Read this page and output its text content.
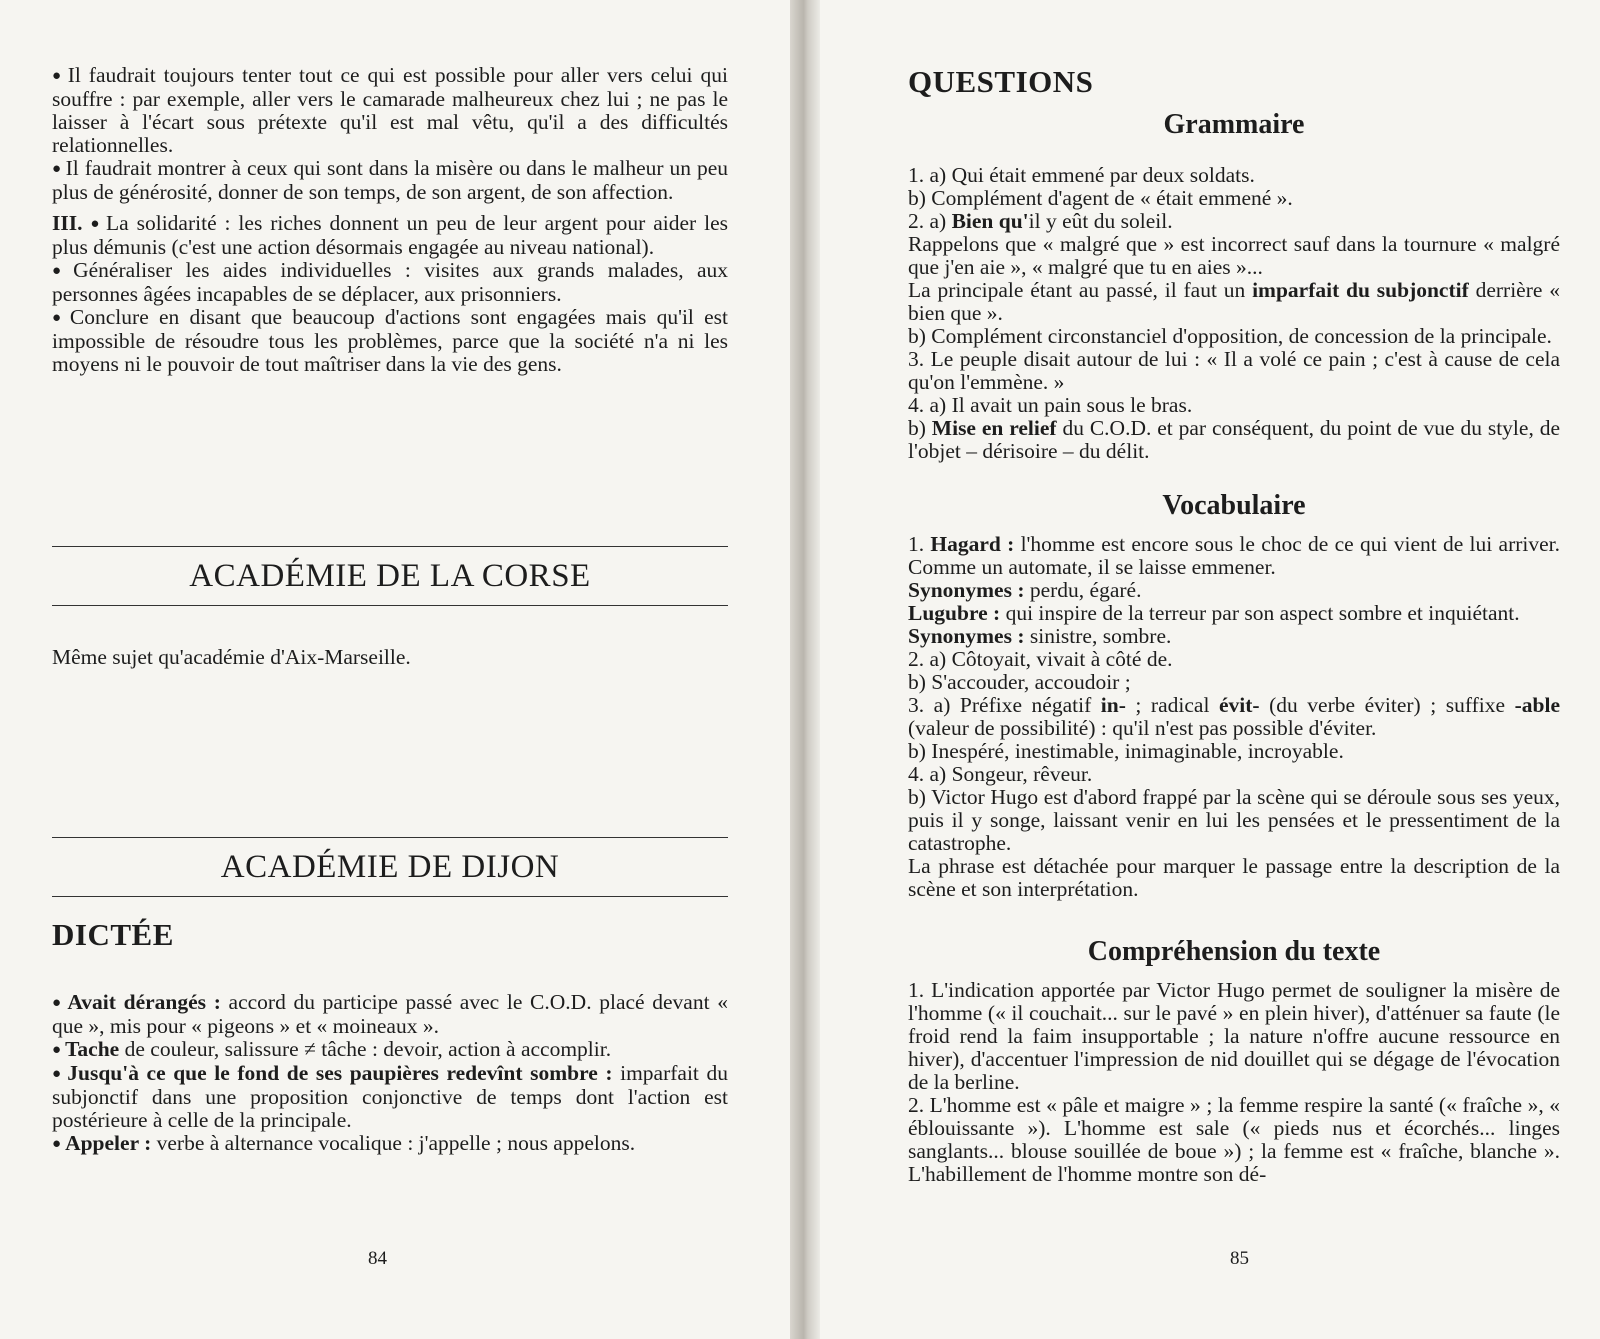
● Il faudrait toujours tenter tout ce qui est possible pour aller vers celui qui souffre : par exemple, aller vers le camarade malheureux chez lui ; ne pas le laisser à l'écart sous prétexte qu'il est mal vêtu, qu'il a des difficultés relationnelles.

● Il faudrait montrer à ceux qui sont dans la misère ou dans le malheur un peu plus de générosité, donner de son temps, de son argent, de son affection.

III. ● La solidarité : les riches donnent un peu de leur argent pour aider les plus démunis (c'est une action désormais engagée au niveau national).

● Généraliser les aides individuelles : visites aux grands malades, aux personnes âgées incapables de se déplacer, aux prisonniers.

● Conclure en disant que beaucoup d'actions sont engagées mais qu'il est impossible de résoudre tous les problèmes, parce que la société n'a ni les moyens ni le pouvoir de tout maîtriser dans la vie des gens.

ACADÉMIE DE LA CORSE

Même sujet qu'académie d'Aix-Marseille.

ACADÉMIE DE DIJON
DICTÉE

● Avait dérangés : accord du participe passé avec le C.O.D. placé devant « que », mis pour « pigeons » et « moineaux ».

● Tache de couleur, salissure ≠ tâche : devoir, action à accomplir.

● Jusqu'à ce que le fond de ses paupières redevînt sombre : imparfait du subjonctif dans une proposition conjonctive de temps dont l'action est postérieure à celle de la principale.

● Appeler : verbe à alternance vocalique : j'appelle ; nous appelons.

84
QUESTIONS
Grammaire

1. a) Qui était emmené par deux soldats.

b) Complément d'agent de « était emmené ».

2. a) Bien qu'il y eût du soleil.

Rappelons que « malgré que » est incorrect sauf dans la tournure « malgré que j'en aie », « malgré que tu en aies »...

La principale étant au passé, il faut un imparfait du subjonctif derrière « bien que ».

b) Complément circonstanciel d'opposition, de concession de la principale.

3. Le peuple disait autour de lui : « Il a volé ce pain ; c'est à cause de cela qu'on l'emmène. »

4. a) Il avait un pain sous le bras.

b) Mise en relief du C.O.D. et par conséquent, du point de vue du style, de l'objet – dérisoire – du délit.

Vocabulaire

1. Hagard : l'homme est encore sous le choc de ce qui vient de lui arriver. Comme un automate, il se laisse emmener.

Synonymes : perdu, égaré.

Lugubre : qui inspire de la terreur par son aspect sombre et inquiétant.

Synonymes : sinistre, sombre.

2. a) Côtoyait, vivait à côté de.

b) S'accouder, accoudoir ;

3. a) Préfixe négatif in- ; radical évit- (du verbe éviter) ; suffixe -able (valeur de possibilité) : qu'il n'est pas possible d'éviter.

b) Inespéré, inestimable, inimaginable, incroyable.

4. a) Songeur, rêveur.

b) Victor Hugo est d'abord frappé par la scène qui se déroule sous ses yeux, puis il y songe, laissant venir en lui les pensées et le pressentiment de la catastrophe.

La phrase est détachée pour marquer le passage entre la description de la scène et son interprétation.

Compréhension du texte

1. L'indication apportée par Victor Hugo permet de souligner la misère de l'homme (« il couchait... sur le pavé » en plein hiver), d'atténuer sa faute (le froid rend la faim insupportable ; la nature n'offre aucune ressource en hiver), d'accentuer l'impression de nid douillet qui se dégage de l'évocation de la berline.

2. L'homme est « pâle et maigre » ; la femme respire la santé (« fraîche », « éblouissante »). L'homme est sale (« pieds nus et écorchés... linges sanglants... blouse souillée de boue ») ; la femme est « fraîche, blanche ». L'habillement de l'homme montre son dé-

85
